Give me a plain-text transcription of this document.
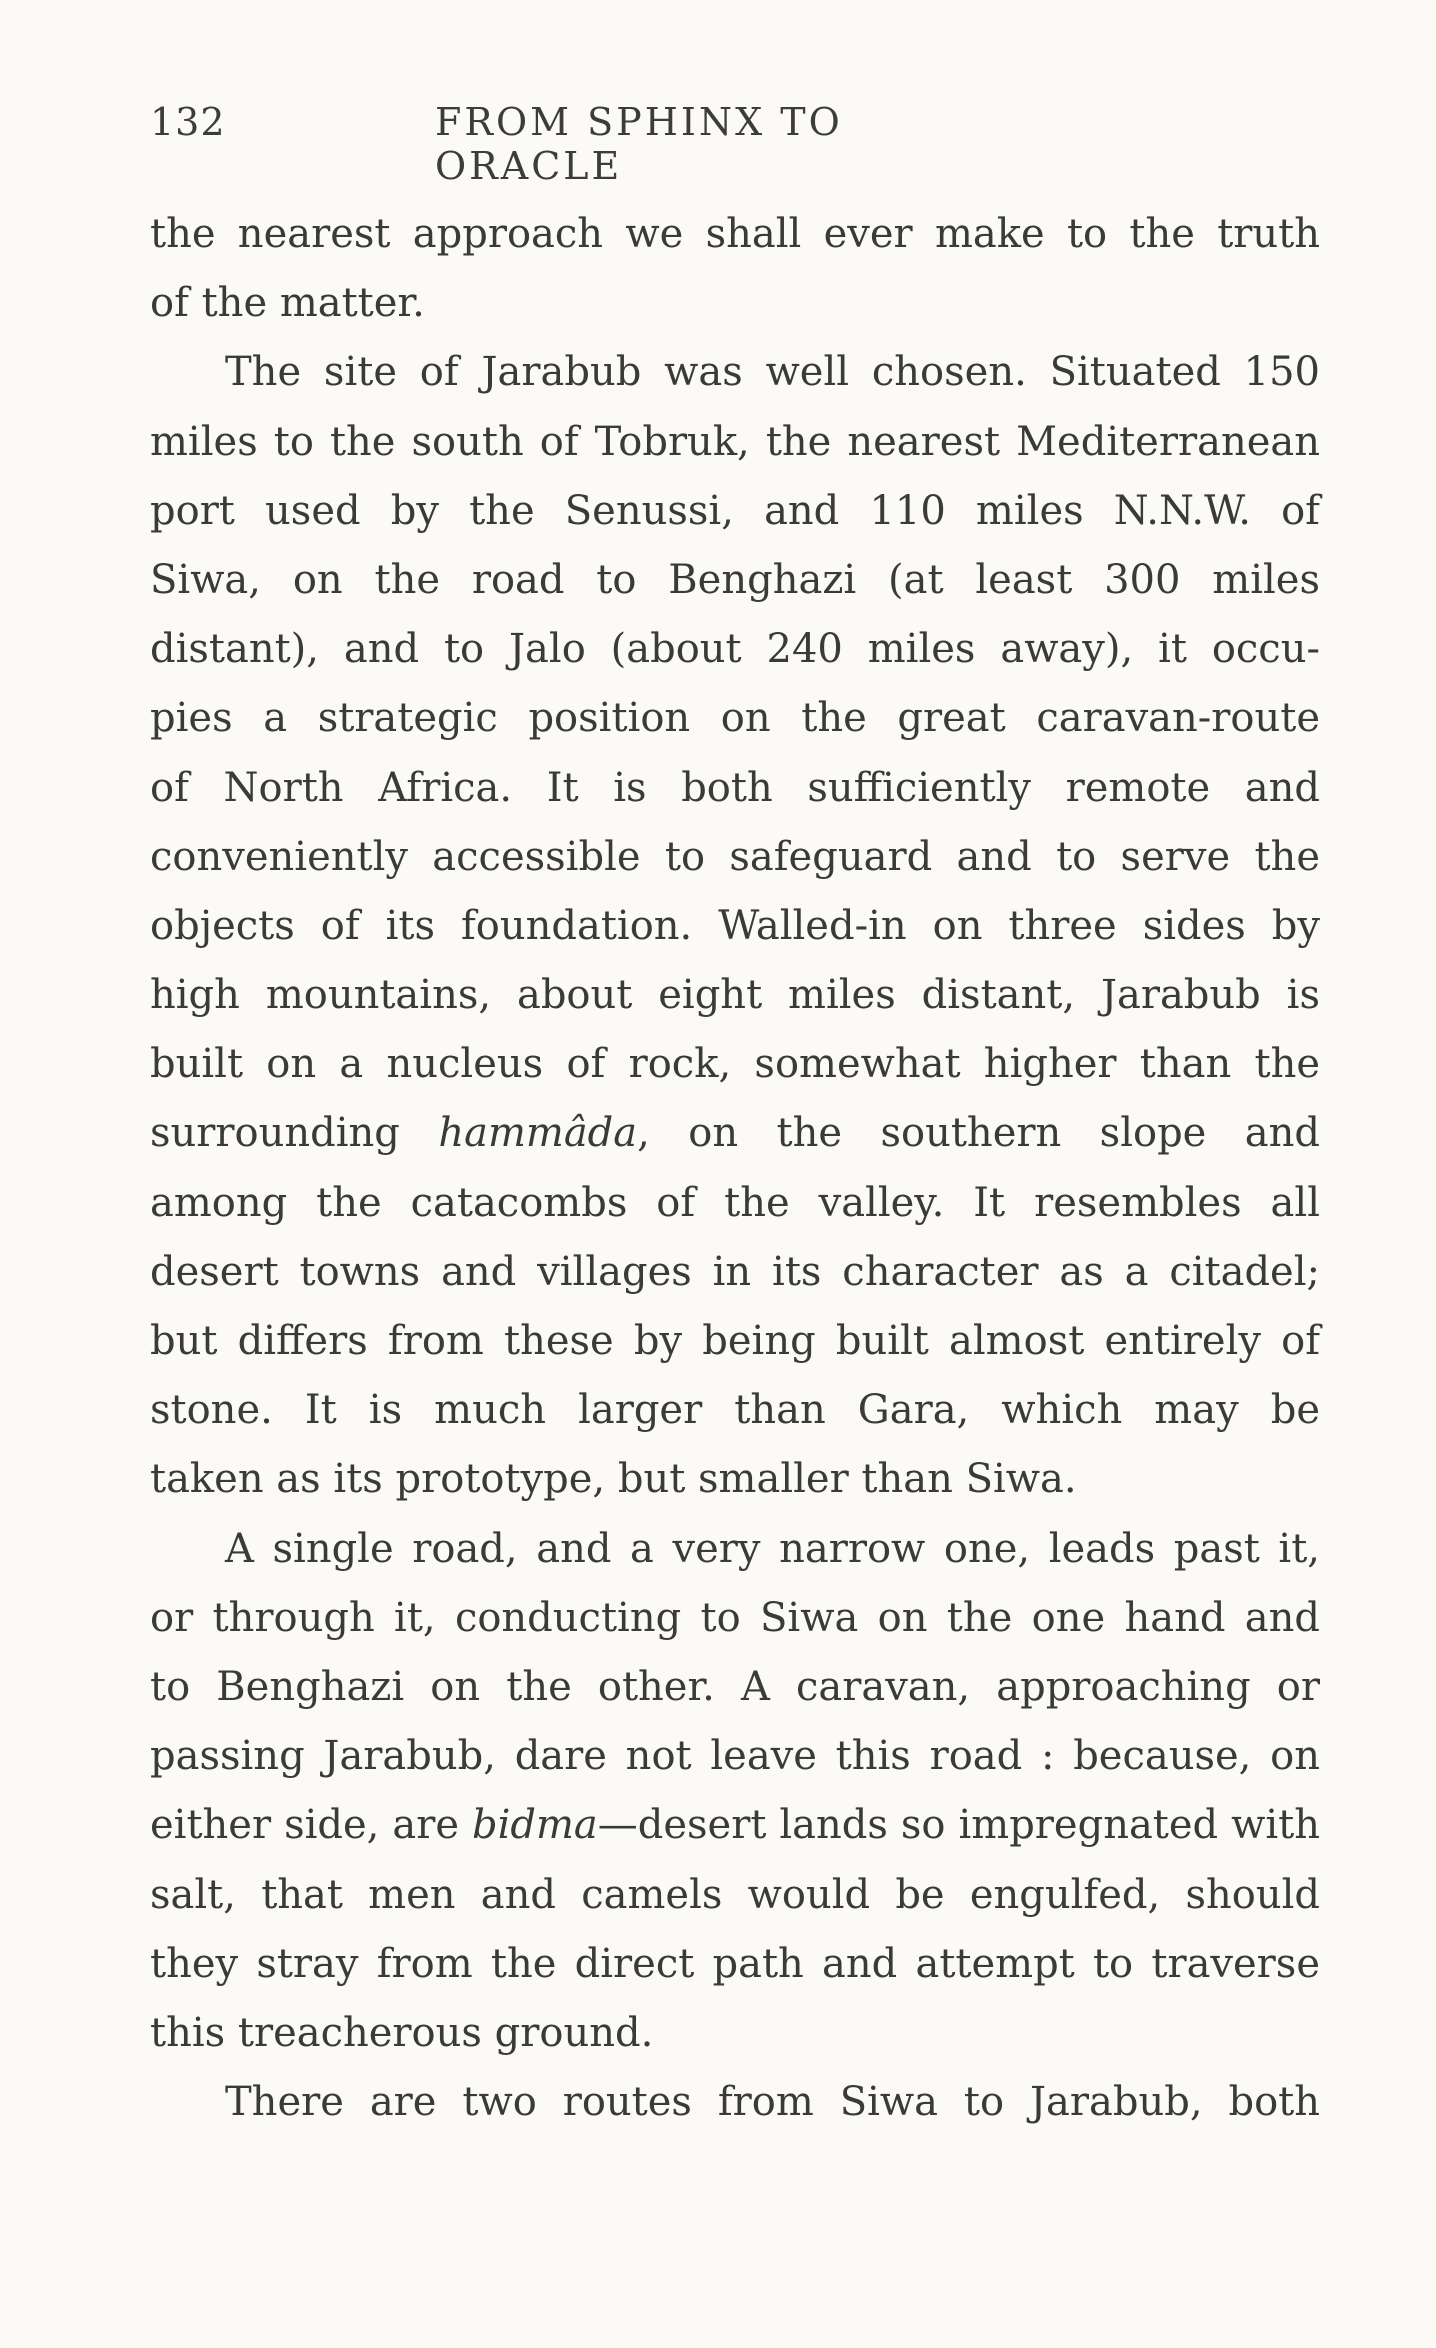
132	FROM SPHINX TO ORACLE
the nearest approach we shall ever make to the truth
of the matter.
The site of Jarabub was well chosen. Situated 150
miles to the south of Tobruk, the nearest Mediterranean
port used by the Senussi, and 110 miles N.N.W. of
Siwa, on the road to Benghazi (at least 300 miles
distant), and to Jalo (about 240 miles away), it occu-
pies a strategic position on the great caravan-route
of North Africa. It is both sufficiently remote and
conveniently accessible to safeguard and to serve the
objects of its foundation. Walled-in on three sides by
high mountains, about eight miles distant, Jarabub is
built on a nucleus of rock, somewhat higher than the
surrounding hammâda, on the southern slope and
among the catacombs of the valley. It resembles all
desert towns and villages in its character as a citadel;
but differs from these by being built almost entirely of
stone. It is much larger than Gara, which may be
taken as its prototype, but smaller than Siwa.
A single road, and a very narrow one, leads past it,
or through it, conducting to Siwa on the one hand and
to Benghazi on the other. A caravan, approaching or
passing Jarabub, dare not leave this road : because, on
either side, are bidma—desert lands so impregnated with
salt, that men and camels would be engulfed, should
they stray from the direct path and attempt to traverse
this treacherous ground.
There are two routes from Siwa to Jarabub, both
